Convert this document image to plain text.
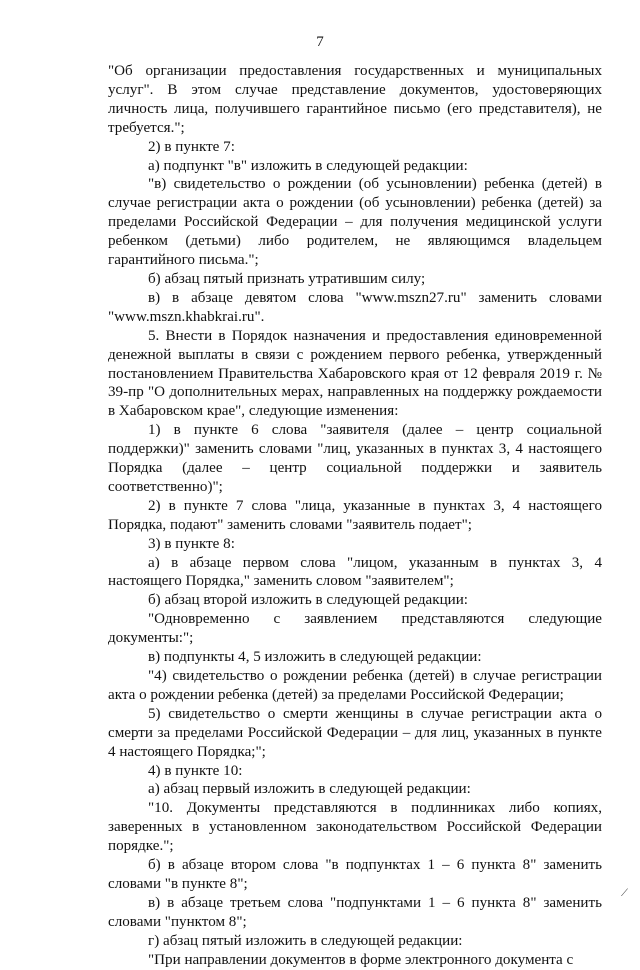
7

"Об организации предоставления государственных и муниципальных услуг". В этом случае представление документов, удостоверяющих личность лица, получившего гарантийное письмо (его представителя), не требуется.";

2) в пункте 7:

а) подпункт "в" изложить в следующей редакции:

"в) свидетельство о рождении (об усыновлении) ребенка (детей) в случае регистрации акта о рождении (об усыновлении) ребенка (детей) за пределами Российской Федерации – для получения медицинской услуги ребенком (детьми) либо родителем, не являющимся владельцем гарантийного письма.";

б) абзац пятый признать утратившим силу;

в) в абзаце девятом слова "www.mszn27.ru" заменить словами "www.mszn.khabkrai.ru".

5. Внести в Порядок назначения и предоставления единовременной денежной выплаты в связи с рождением первого ребенка, утвержденный постановлением Правительства Хабаровского края от 12 февраля 2019 г. № 39-пр "О дополнительных мерах, направленных на поддержку рождаемости в Хабаровском крае", следующие изменения:

1) в пункте 6 слова "заявителя (далее – центр социальной поддержки)" заменить словами "лиц, указанных в пунктах 3, 4 настоящего Порядка (далее – центр социальной поддержки и заявитель соответственно)";

2) в пункте 7 слова "лица, указанные в пунктах 3, 4 настоящего Порядка, подают" заменить словами "заявитель подает";

3) в пункте 8:

а) в абзаце первом слова "лицом, указанным в пунктах 3, 4 настоящего Порядка," заменить словом "заявителем";

б) абзац второй изложить в следующей редакции:

"Одновременно с заявлением представляются следующие документы:";

в) подпункты 4, 5 изложить в следующей редакции:

"4) свидетельство о рождении ребенка (детей) в случае регистрации акта о рождении ребенка (детей) за пределами Российской Федерации;

5) свидетельство о смерти женщины в случае регистрации акта о смерти за пределами Российской Федерации – для лиц, указанных в пункте 4 настоящего Порядка;";

4) в пункте 10:

а) абзац первый изложить в следующей редакции:

"10. Документы представляются в подлинниках либо копиях, заверенных в установленном законодательством Российской Федерации порядке.";

б) в абзаце втором слова "в подпунктах 1 – 6 пункта 8" заменить словами "в пункте 8";

в) в абзаце третьем слова "подпунктами 1 – 6 пункта 8" заменить словами "пунктом 8";

г) абзац пятый изложить в следующей редакции:

"При направлении документов в форме электронного документа с

⟋
